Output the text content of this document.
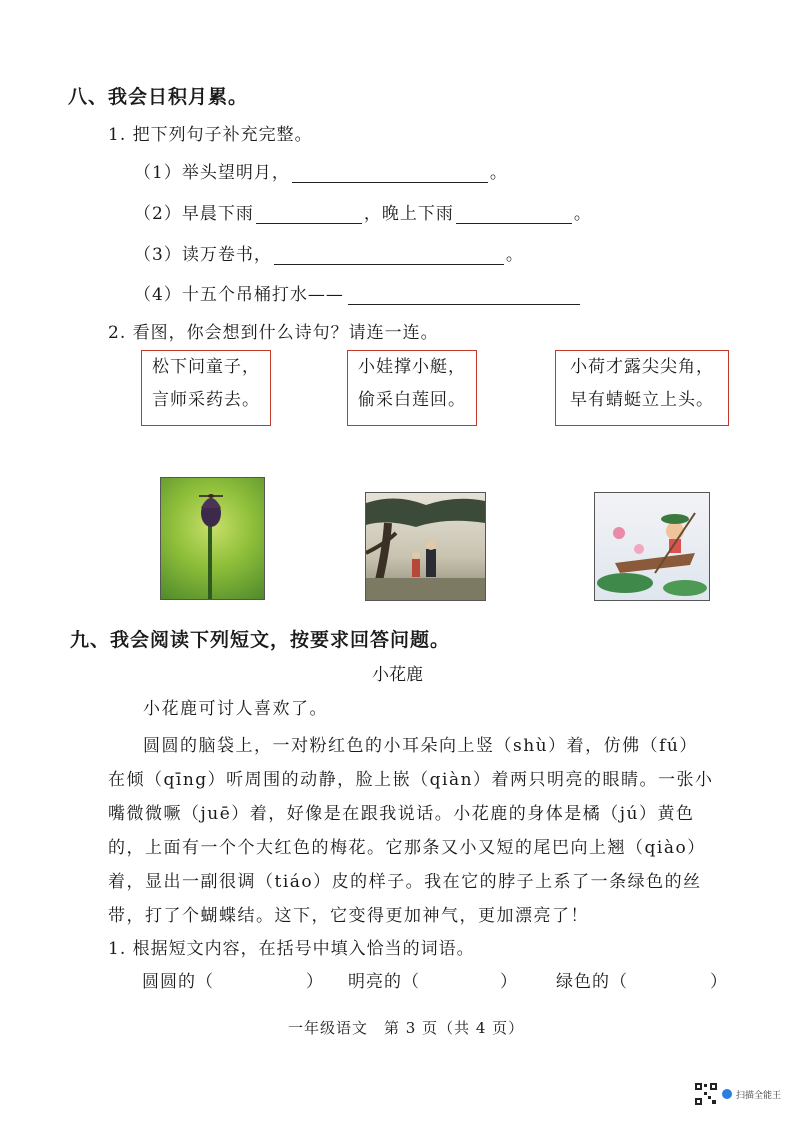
八、我会日积月累。
1. 把下列句子补充完整。
（1）举头望明月，	。
（2）早晨下雨	，晚上下雨	。
（3）读万卷书，	。
（4）十五个吊桶打水——
2. 看图，你会想到什么诗句？请连一连。
松下问童子，
言师采药去。
小娃撑小艇，
偷采白莲回。
小荷才露尖尖角，
早有蜻蜓立上头。
九、我会阅读下列短文，按要求回答问题。
小花鹿
小花鹿可讨人喜欢了。
圆圆的脑袋上，一对粉红色的小耳朵向上竖（shù）着，仿佛（fú）
在倾（qīng）听周围的动静，脸上嵌（qiàn）着两只明亮的眼睛。一张小
嘴微微噘（juē）着，好像是在跟我说话。小花鹿的身体是橘（jú）黄色
的，上面有一个个大红色的梅花。它那条又小又短的尾巴向上翘（qiào）
着，显出一副很调（tiáo）皮的样子。我在它的脖子上系了一条绿色的丝
带，打了个蝴蝶结。这下，它变得更加神气，更加漂亮了！
1. 根据短文内容，在括号中填入恰当的词语。
圆圆的（	） 明亮的（	） 绿色的（	）
一年级语文　第 3 页（共 4 页）
扫描全能王
